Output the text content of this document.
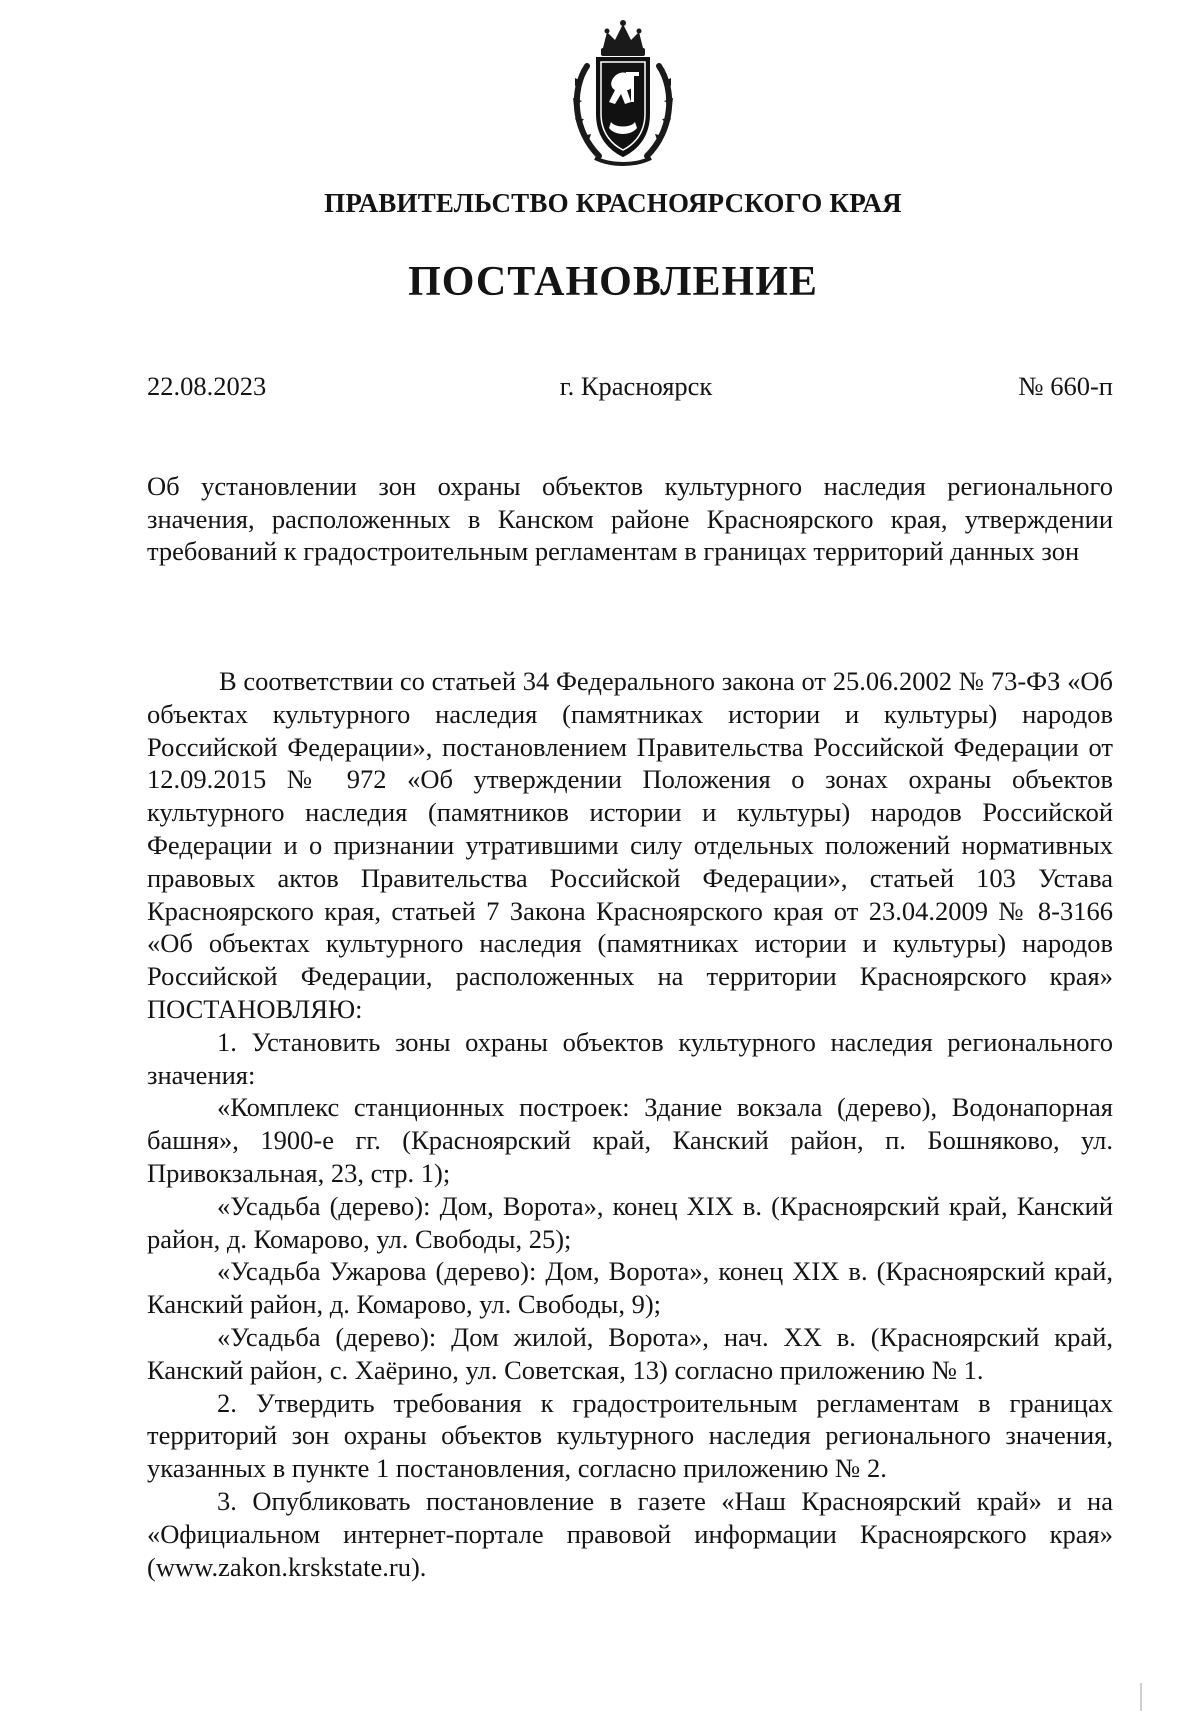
ПРАВИТЕЛЬСТВО КРАСНОЯРСКОГО КРАЯ
ПОСТАНОВЛЕНИЕ
22.08.2023	г. Красноярск	№ 660-п

Об установлении зон охраны объектов культурного наследия регионального значения, расположенных в Канском районе Красноярского края, утверждении требований к градостроительным регламентам в границах территорий данных зон

В соответствии со статьей 34 Федерального закона от 25.06.2002 № 73-ФЗ «Об объектах культурного наследия (памятниках истории и культуры) народов Российской Федерации», постановлением Правительства Российской Федерации от 12.09.2015 № 972 «Об утверждении Положения о зонах охраны объектов культурного наследия (памятников истории и культуры) народов Российской Федерации и о признании утратившими силу отдельных положений нормативных правовых актов Правительства Российской Федерации», статьей 103 Устава Красноярского края, статьей 7 Закона Красноярского края от 23.04.2009 № 8-3166 «Об объектах культурного наследия (памятниках истории и культуры) народов Российской Федерации, расположенных на территории Красноярского края» ПОСТАНОВЛЯЮ:

1. Установить зоны охраны объектов культурного наследия регионального значения:

«Комплекс станционных построек: Здание вокзала (дерево), Водонапорная башня», 1900-е гг. (Красноярский край, Канский район, п. Бошняково, ул. Привокзальная, 23, стр. 1);

«Усадьба (дерево): Дом, Ворота», конец XIX в. (Красноярский край, Канский район, д. Комарово, ул. Свободы, 25);

«Усадьба Ужарова (дерево): Дом, Ворота», конец XIX в. (Красноярский край, Канский район, д. Комарово, ул. Свободы, 9);

«Усадьба (дерево): Дом жилой, Ворота», нач. XX в. (Красноярский край, Канский район, с. Хаёрино, ул. Советская, 13) согласно приложению № 1.

2. Утвердить требования к градостроительным регламентам в границах территорий зон охраны объектов культурного наследия регионального значения, указанных в пункте 1 постановления, согласно приложению № 2.

3. Опубликовать постановление в газете «Наш Красноярский край» и на «Официальном интернет-портале правовой информации Красноярского края» (www.zakon.krskstate.ru).
